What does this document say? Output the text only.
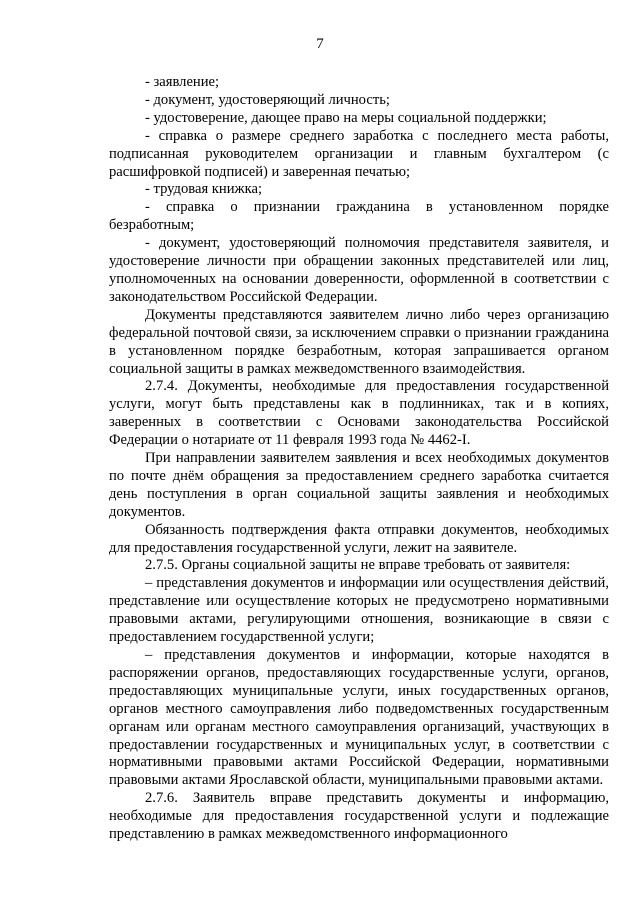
7

- заявление;

- документ, удостоверяющий личность;

- удостоверение, дающее право на меры социальной поддержки;

- справка о размере среднего заработка с последнего места работы, подписанная руководителем организации и главным бухгалтером (с расшифровкой подписей) и заверенная печатью;

- трудовая книжка;

- справка о признании гражданина в установленном порядке безработным;

- документ, удостоверяющий полномочия представителя заявителя, и удостоверение личности при обращении законных представителей или лиц, уполномоченных на основании доверенности, оформленной в соответствии с законодательством Российской Федерации.

Документы представляются заявителем лично либо через организацию федеральной почтовой связи, за исключением справки о признании гражданина в установленном порядке безработным, которая запрашивается органом социальной защиты в рамках межведомственного взаимодействия.

2.7.4. Документы, необходимые для предоставления государственной услуги, могут быть представлены как в подлинниках, так и в копиях, заверенных в соответствии с Основами законодательства Российской Федерации о нотариате от 11 февраля 1993 года № 4462-I.

При направлении заявителем заявления и всех необходимых документов по почте днём обращения за предоставлением среднего заработка считается день поступления в орган социальной защиты заявления и необходимых документов.

Обязанность подтверждения факта отправки документов, необходимых для предоставления государственной услуги, лежит на заявителе.

2.7.5. Органы социальной защиты не вправе требовать от заявителя:

– представления документов и информации или осуществления действий, представление или осуществление которых не предусмотрено нормативными правовыми актами, регулирующими отношения, возникающие в связи с предоставлением государственной услуги;

– представления документов и информации, которые находятся в распоряжении органов, предоставляющих государственные услуги, органов, предоставляющих муниципальные услуги, иных государственных органов, органов местного самоуправления либо подведомственных государственным органам или органам местного самоуправления организаций, участвующих в предоставлении государственных и муниципальных услуг, в соответствии с нормативными правовыми актами Российской Федерации, нормативными правовыми актами Ярославской области, муниципальными правовыми актами.

2.7.6. Заявитель вправе представить документы и информацию, необходимые для предоставления государственной услуги и подлежащие представлению в рамках межведомственного информационного
